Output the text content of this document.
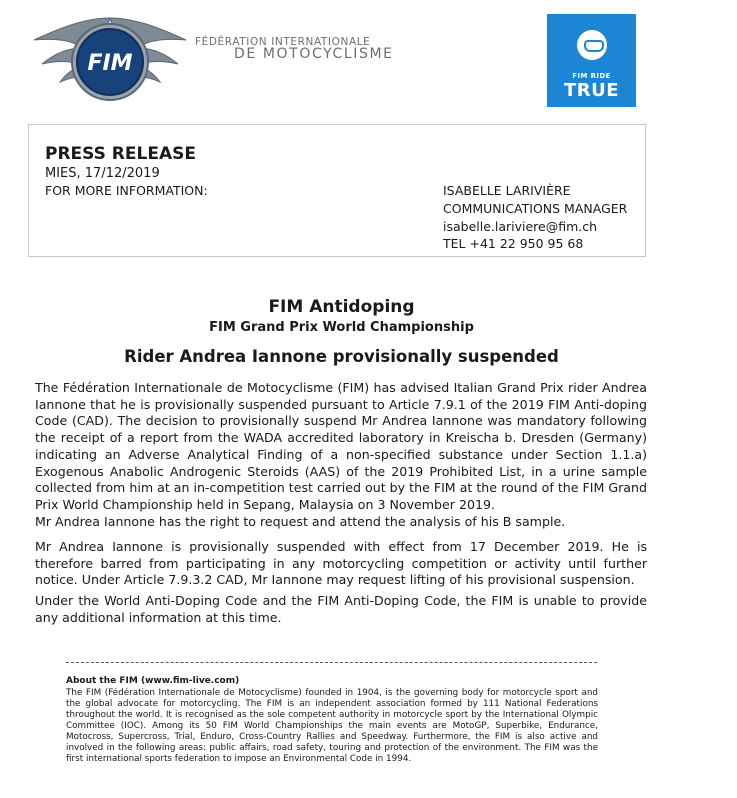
FIM
FÉDÉRATION INTERNATIONALE
DE MOTOCYCLISME
FIM RIDE
TRUE
PRESS RELEASE
MIES, 17/12/2019
FOR MORE INFORMATION:	ISABELLE LARIVIÈRE
COMMUNICATIONS MANAGER
isabelle.lariviere@fim.ch
TEL +41 22 950 95 68
FIM Antidoping
FIM Grand Prix World Championship
Rider Andrea Iannone provisionally suspended
The Fédération Internationale de Motocyclisme (FIM) has advised Italian Grand Prix rider Andrea Iannone that he is provisionally suspended pursuant to Article 7.9.1 of the 2019 FIM Anti-doping Code (CAD). The decision to provisionally suspend Mr Andrea Iannone was mandatory following the receipt of a report from the WADA accredited laboratory in Kreischa b. Dresden (Germany) indicating an Adverse Analytical Finding of a non-specified substance under Section 1.1.a) Exogenous Anabolic Androgenic Steroids (AAS) of the 2019 Prohibited List, in a urine sample collected from him at an in-competition test carried out by the FIM at the round of the FIM Grand Prix World Championship held in Sepang, Malaysia on 3 November 2019.
Mr Andrea Iannone has the right to request and attend the analysis of his B sample.
Mr Andrea Iannone is provisionally suspended with effect from 17 December 2019. He is therefore barred from participating in any motorcycling competition or activity until further notice. Under Article 7.9.3.2 CAD, Mr Iannone may request lifting of his provisional suspension.
Under the World Anti-Doping Code and the FIM Anti-Doping Code, the FIM is unable to provide any additional information at this time.
About the FIM (www.fim-live.com)
The FIM (Fédération Internationale de Motocyclisme) founded in 1904, is the governing body for motorcycle sport and the global advocate for motorcycling. The FIM is an independent association formed by 111 National Federations throughout the world. It is recognised as the sole competent authority in motorcycle sport by the International Olympic Committee (IOC). Among its 50 FIM World Championships the main events are MotoGP, Superbike, Endurance, Motocross, Supercross, Trial, Enduro, Cross-Country Rallies and Speedway. Furthermore, the FIM is also active and involved in the following areas: public affairs, road safety, touring and protection of the environment. The FIM was the first international sports federation to impose an Environmental Code in 1994.
